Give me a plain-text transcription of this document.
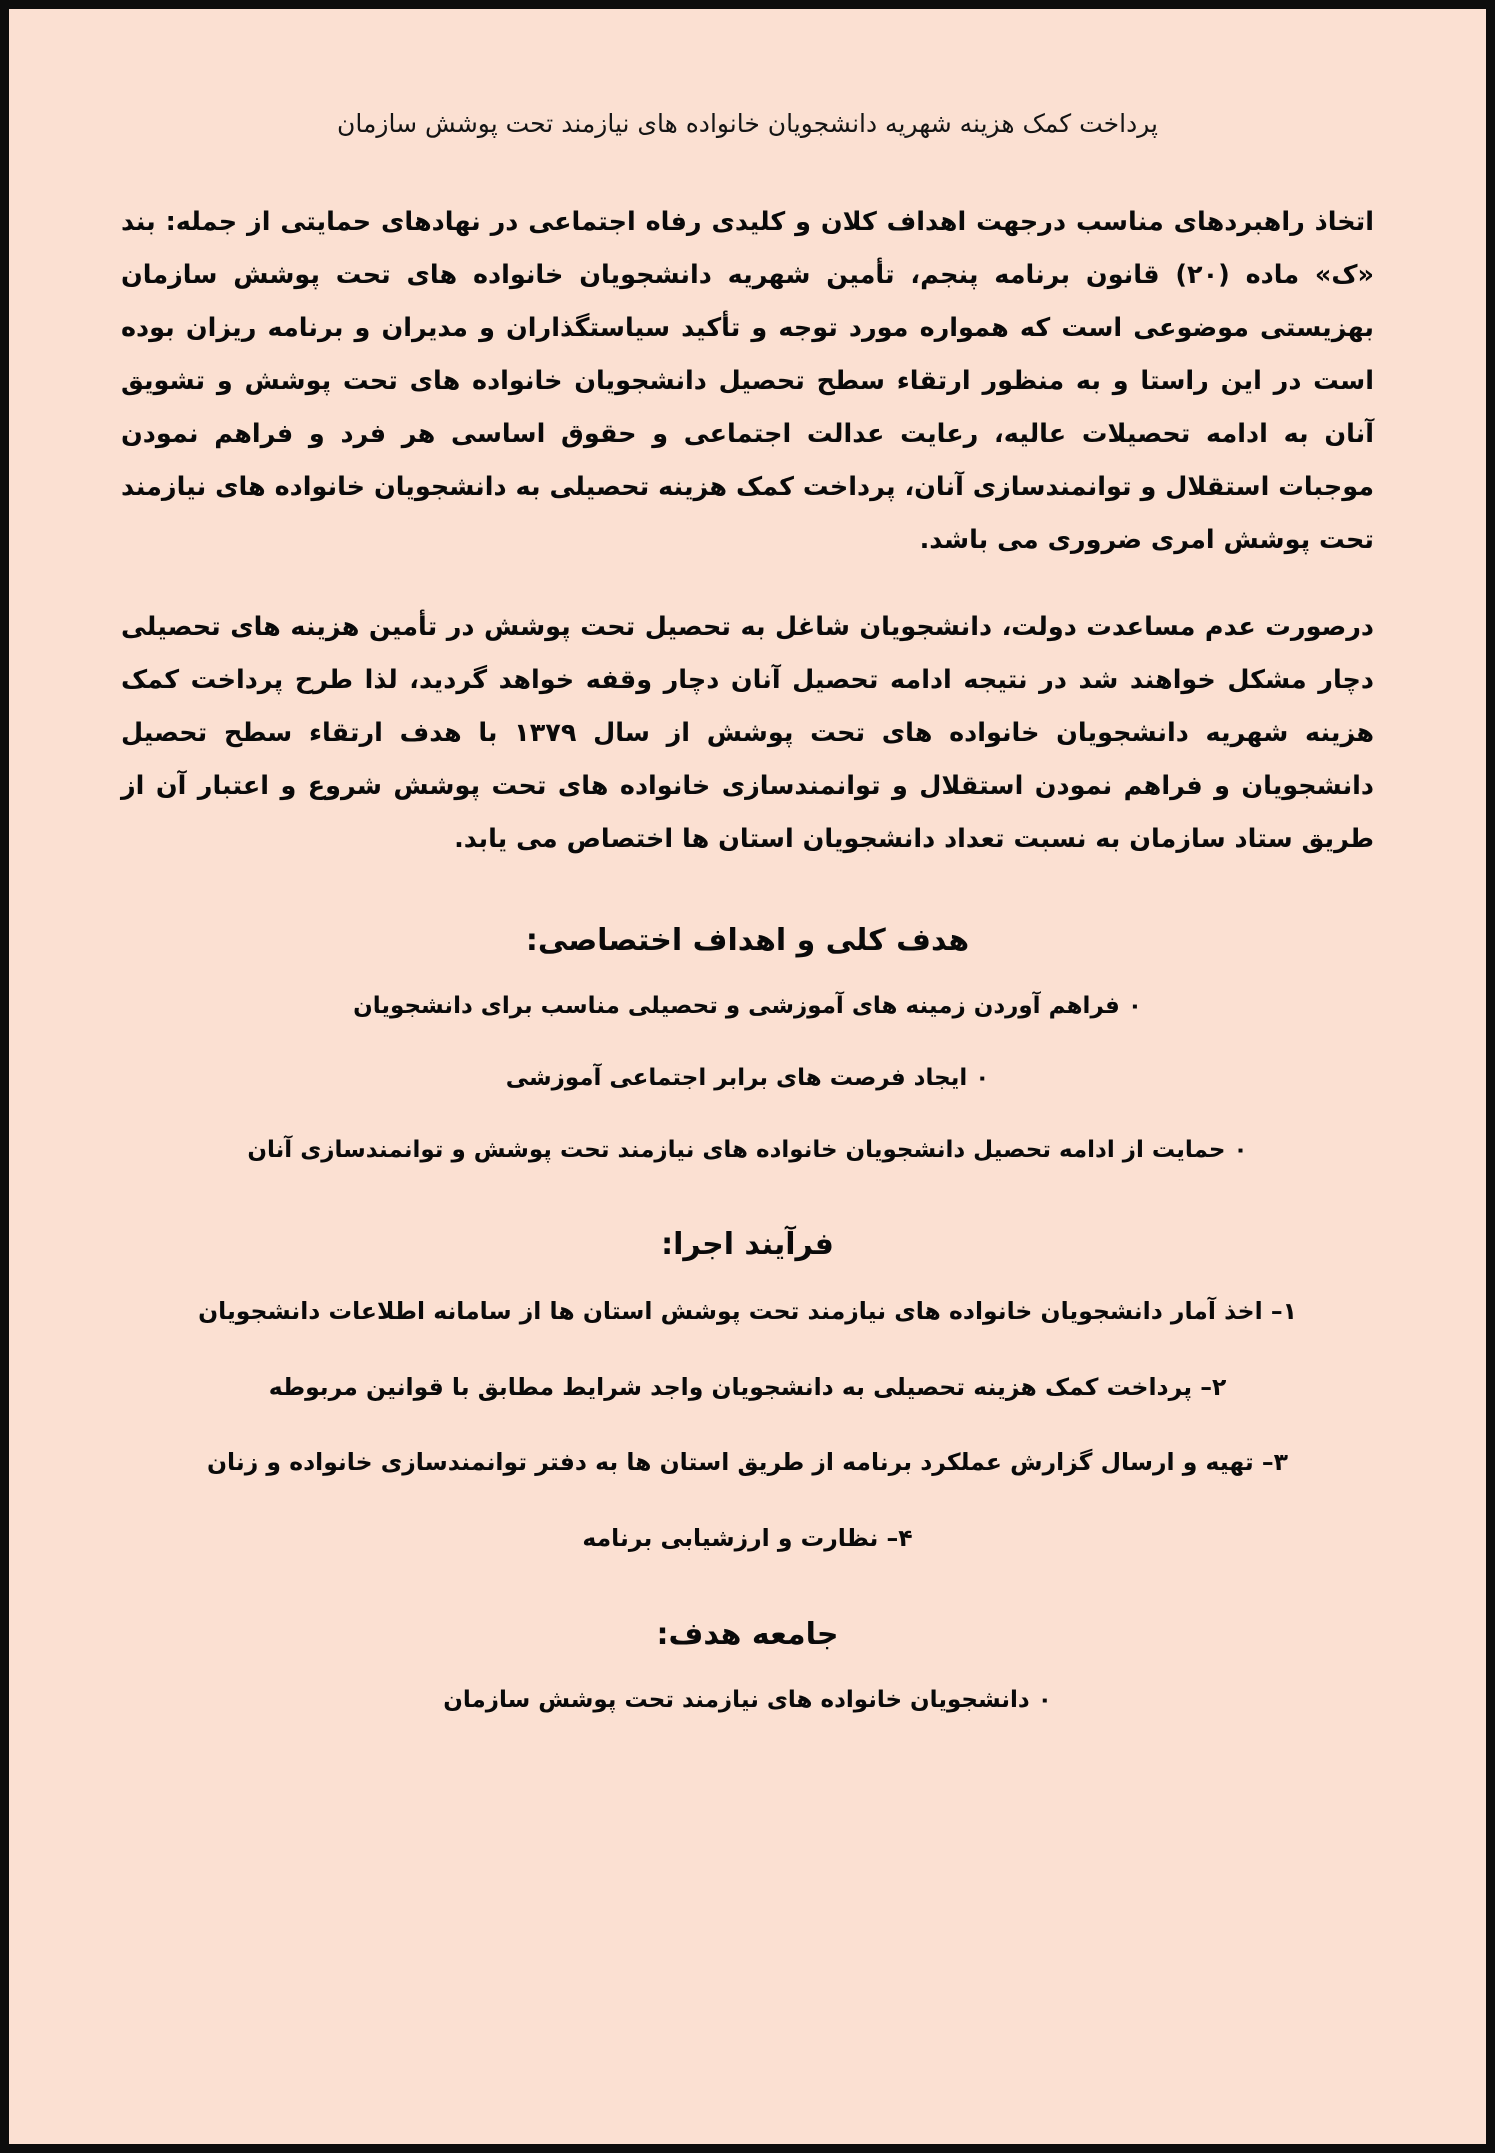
پرداخت کمک هزینه شهریه دانشجویان خانواده های نیازمند تحت پوشش سازمان

اتخاذ راهبردهای مناسب درجهت اهداف کلان و کلیدی رفاه اجتماعی در نهادهای حمایتی از جمله: بند «ک» ماده (۲۰) قانون برنامه پنجم، تأمین شهریه دانشجویان خانواده های تحت پوشش سازمان بهزیستی موضوعی است که همواره مورد توجه و تأکید سیاستگذاران و مدیران و برنامه ریزان بوده است در این راستا و به منظور ارتقاء سطح تحصیل دانشجویان خانواده های تحت پوشش و تشویق آنان به ادامه تحصیلات عالیه، رعایت عدالت اجتماعی و حقوق اساسی هر فرد و فراهم نمودن موجبات استقلال و توانمندسازی آنان، پرداخت کمک هزینه تحصیلی به دانشجویان خانواده های نیازمند تحت پوشش امری ضروری می باشد.

درصورت عدم مساعدت دولت، دانشجویان شاغل به تحصیل تحت پوشش در تأمین هزینه های تحصیلی دچار مشکل خواهند شد در نتیجه ادامه تحصیل آنان دچار وقفه خواهد گردید، لذا طرح پرداخت کمک هزینه شهریه دانشجویان خانواده های تحت پوشش از سال ۱۳۷۹ با هدف ارتقاء سطح تحصیل دانشجویان و فراهم نمودن استقلال و توانمندسازی خانواده های تحت پوشش شروع و اعتبار آن از طریق ستاد سازمان به نسبت تعداد دانشجویان استان ها اختصاص می یابد.

هدف کلی و اهداف اختصاصی:
٠ فراهم آوردن زمینه های آموزشی و تحصیلی مناسب برای دانشجویان
٠ ایجاد فرصت های برابر اجتماعی آموزشی
٠ حمایت از ادامه تحصیل دانشجویان خانواده های نیازمند تحت پوشش و توانمندسازی آنان
فرآیند اجرا:
۱– اخذ آمار دانشجویان خانواده های نیازمند تحت پوشش استان ها از سامانه اطلاعات دانشجویان
۲– پرداخت کمک هزینه تحصیلی به دانشجویان واجد شرایط مطابق با قوانین مربوطه
۳– تهیه و ارسال گزارش عملکرد برنامه از طریق استان ها به دفتر توانمندسازی خانواده و زنان
۴– نظارت و ارزشیابی برنامه
جامعه هدف:
٠ دانشجویان خانواده های نیازمند تحت پوشش سازمان
